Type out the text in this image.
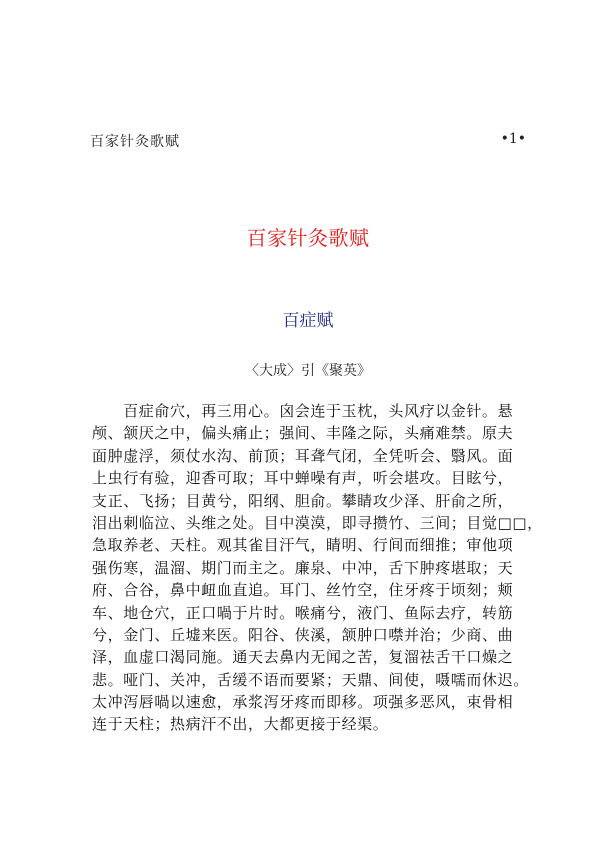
百家针灸歌赋	•1•
百家针灸歌赋
百症赋
〈大成〉引《聚英》
　　百症俞穴，再三用心。囟会连于玉枕，头风疗以金针。悬
颅、颔厌之中，偏头痛止；强间、丰隆之际，头痛难禁。原夫
面肿虚浮，须仗水沟、前顶；耳聋气闭，全凭听会、翳风。面
上虫行有验，迎香可取；耳中蝉噪有声，听会堪攻。目眩兮，
支正、飞扬；目黄兮，阳纲、胆俞。攀睛攻少泽、肝俞之所，
泪出刺临泣、头维之处。目中漠漠，即寻攒竹、三间；目觉□□，
急取养老、天柱。观其雀目汗气，睛明、行间而细推；审他项
强伤寒，温溜、期门而主之。廉泉、中冲，舌下肿疼堪取；天
府、合谷，鼻中衄血直追。耳门、丝竹空，住牙疼于顷刻；颊
车、地仓穴，正口喎于片时。喉痛兮，液门、鱼际去疗，转筋
兮，金门、丘墟来医。阳谷、侠溪，颔肿口噤并治；少商、曲
泽，血虚口渴同施。通天去鼻内无闻之苦，复溜祛舌干口燥之
悲。哑门、关冲，舌缓不语而要紧；天鼎、间使，嗫嚅而休迟。
太冲泻唇喎以速愈，承浆泻牙疼而即移。项强多恶风，束骨相
连于天柱；热病汗不出，大都更接于经渠。
